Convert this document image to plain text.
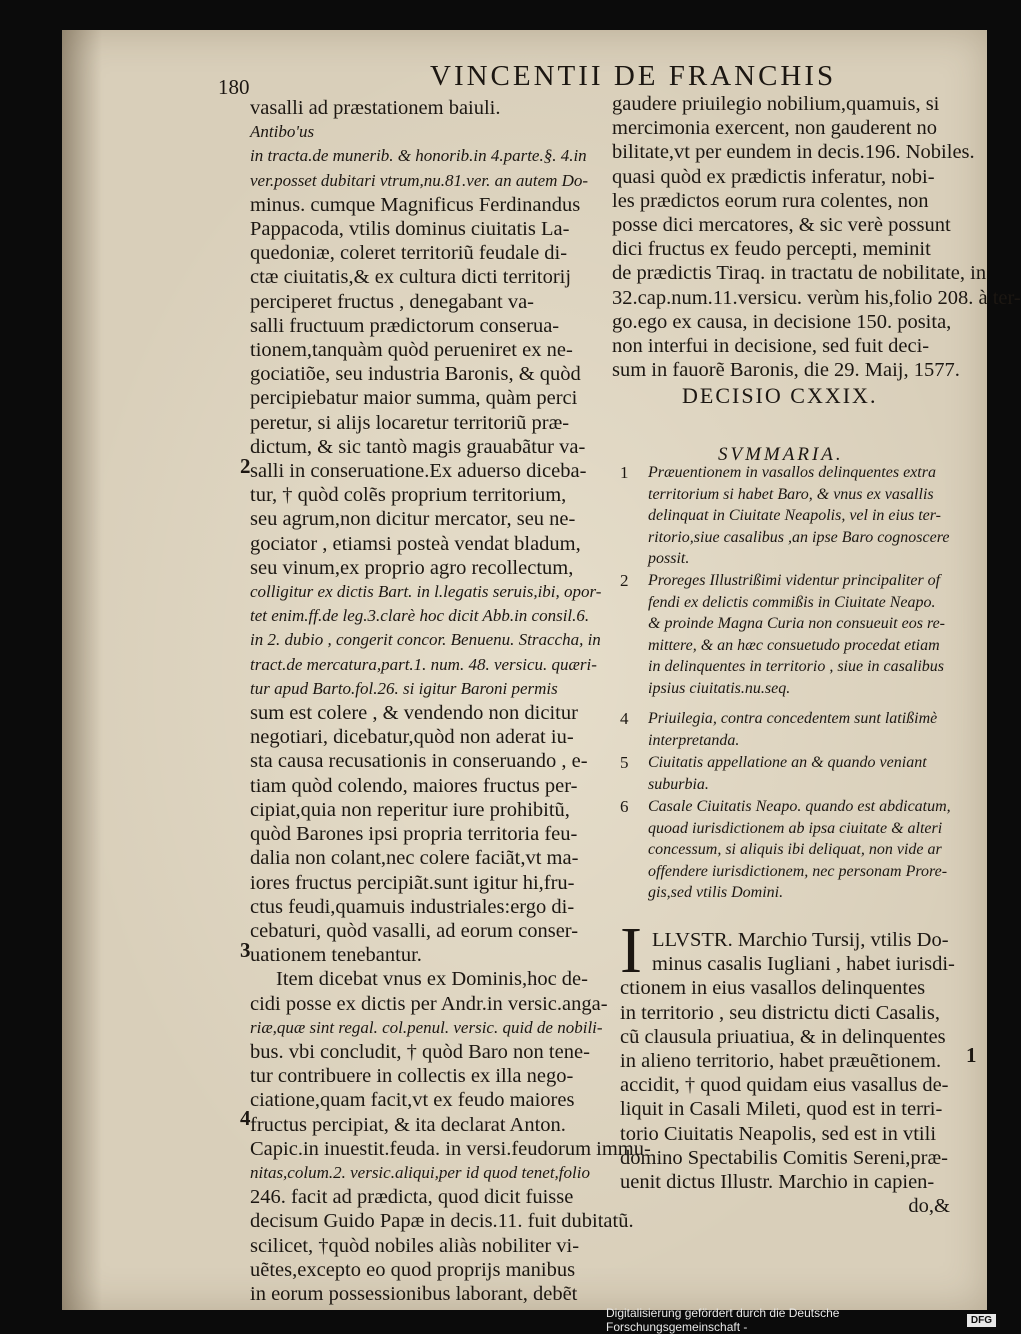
180	VINCENTII DE FRANCHIS
vasalli ad præstationem baiuli.
Antibo'us
in tracta.de munerib. & honorib.in 4.parte.§. 4.in
ver.posset dubitari vtrum,nu.81.ver. an autem Do-
minus. cumque Magnificus Ferdinandus
Pappacoda, vtilis dominus ciuitatis La-
quedoniæ, coleret territoriũ feudale di-
ctæ ciuitatis,& ex cultura dicti territorij
perciperet fructus , denegabant va-
salli fructuum prædictorum conserua-
tionem,tanquàm quòd perueniret ex ne-
gociatiõe, seu industria Baronis, & quòd
percipiebatur maior summa, quàm perci
peretur, si alijs locaretur territoriũ præ-
dictum, & sic tantò magis grauabãtur va-
salli in conseruatione.Ex aduerso diceba-
tur, † quòd colẽs proprium territorium,
seu agrum,non dicitur mercator, seu ne-
gociator , etiamsi posteà vendat bladum,
seu vinum,ex proprio agro recollectum,
colligitur ex dictis Bart. in l.legatis seruis,ibi, opor-
tet enim.ff.de leg.3.clarè hoc dicit Abb.in consil.6.
in 2. dubio , congerit concor. Benuenu. Straccha, in
tract.de mercatura,part.1. num. 48. versicu. quæri-
tur apud Barto.fol.26. si igitur Baroni permis
sum est colere , & vendendo non dicitur
negotiari, dicebatur,quòd non aderat iu-
sta causa recusationis in conseruando , e-
tiam quòd colendo, maiores fructus per-
cipiat,quia non reperitur iure prohibitũ,
quòd Barones ipsi propria territoria feu-
dalia non colant,nec colere faciãt,vt ma-
iores fructus percipiãt.sunt igitur hi,fru-
ctus feudi,quamuis industriales:ergo di-
cebaturi, quòd vasalli, ad eorum conser-
uationem tenebantur.
Item dicebat vnus ex Dominis,hoc de-
cidi posse ex dictis per Andr.in versic.anga-
riæ,quæ sint regal. col.penul. versic. quid de nobili-
bus. vbi concludit, † quòd Baro non tene-
tur contribuere in collectis ex illa nego-
ciatione,quam facit,vt ex feudo maiores
fructus percipiat, & ita declarat Anton.
Capic.in inuestit.feuda. in versi.feudorum immu-
nitas,colum.2. versic.aliqui,per id quod tenet,folio
246. facit ad prædicta, quod dicit fuisse
decisum Guido Papæ in decis.11. fuit dubitatũ.
scilicet, †quòd nobiles aliàs nobiliter vi-
uẽtes,excepto eo quod proprijs manibus
in eorum possessionibus laborant, debẽt
gaudere priuilegio nobilium,quamuis, si
mercimonia exercent, non gauderent no
bilitate,vt per eundem in decis.196. Nobiles.
quasi quòd ex prædictis inferatur, nobi-
les prædictos eorum rura colentes, non
posse dici mercatores, & sic verè possunt
dici fructus ex feudo percepti, meminit
de prædictis Tiraq. in tractatu de nobilitate, in
32.cap.num.11.versicu. verùm his,folio 208. à ter-
go.ego ex causa, in decisione 150. posita,
non interfui in decisione, sed fuit deci-
sum in fauorẽ Baronis, die 29. Maij, 1577.
2
3
4
1
DECISIO CXXIX.
SVMMARIA.
1 Præuentionem in vasallos delinquentes extra
territorium si habet Baro, & vnus ex vasallis
delinquat in Ciuitate Neapolis, vel in eius ter-
ritorio,siue casalibus ,an ipse Baro cognoscere
possit.
2 Proreges Illustrißimi videntur principaliter of
fendi ex delictis commißis in Ciuitate Neapo.
& proinde Magna Curia non consueuit eos re-
mittere, & an hæc consuetudo procedat etiam
in delinquentes in territorio , siue in casalibus
ipsius ciuitatis.nu.seq.
4 Priuilegia, contra concedentem sunt latißimè
interpretanda.
5 Ciuitatis appellatione an & quando veniant
suburbia.
6 Casale Ciuitatis Neapo. quando est abdicatum,
quoad iurisdictionem ab ipsa ciuitate & alteri
concessum, si aliquis ibi deliquat, non vide ar
offendere iurisdictionem, nec personam Prore-
gis,sed vtilis Domini.
I LLVSTR. Marchio Tursij, vtilis Do-
minus casalis Iugliani , habet iurisdi-
ctionem in eius vasallos delinquentes
in territorio , seu districtu dicti Casalis,
cũ clausula priuatiua, & in delinquentes
in alieno territorio, habet præuẽtionem.
accidit, † quod quidam eius vasallus de-
liquit in Casali Mileti, quod est in terri-
torio Ciuitatis Neapolis, sed est in vtili
domino Spectabilis Comitis Sereni,præ-
uenit dictus Illustr. Marchio in capien-
do,&
Digitalisierung gefördert durch die Deutsche Forschungsgemeinschaft -	DFG
